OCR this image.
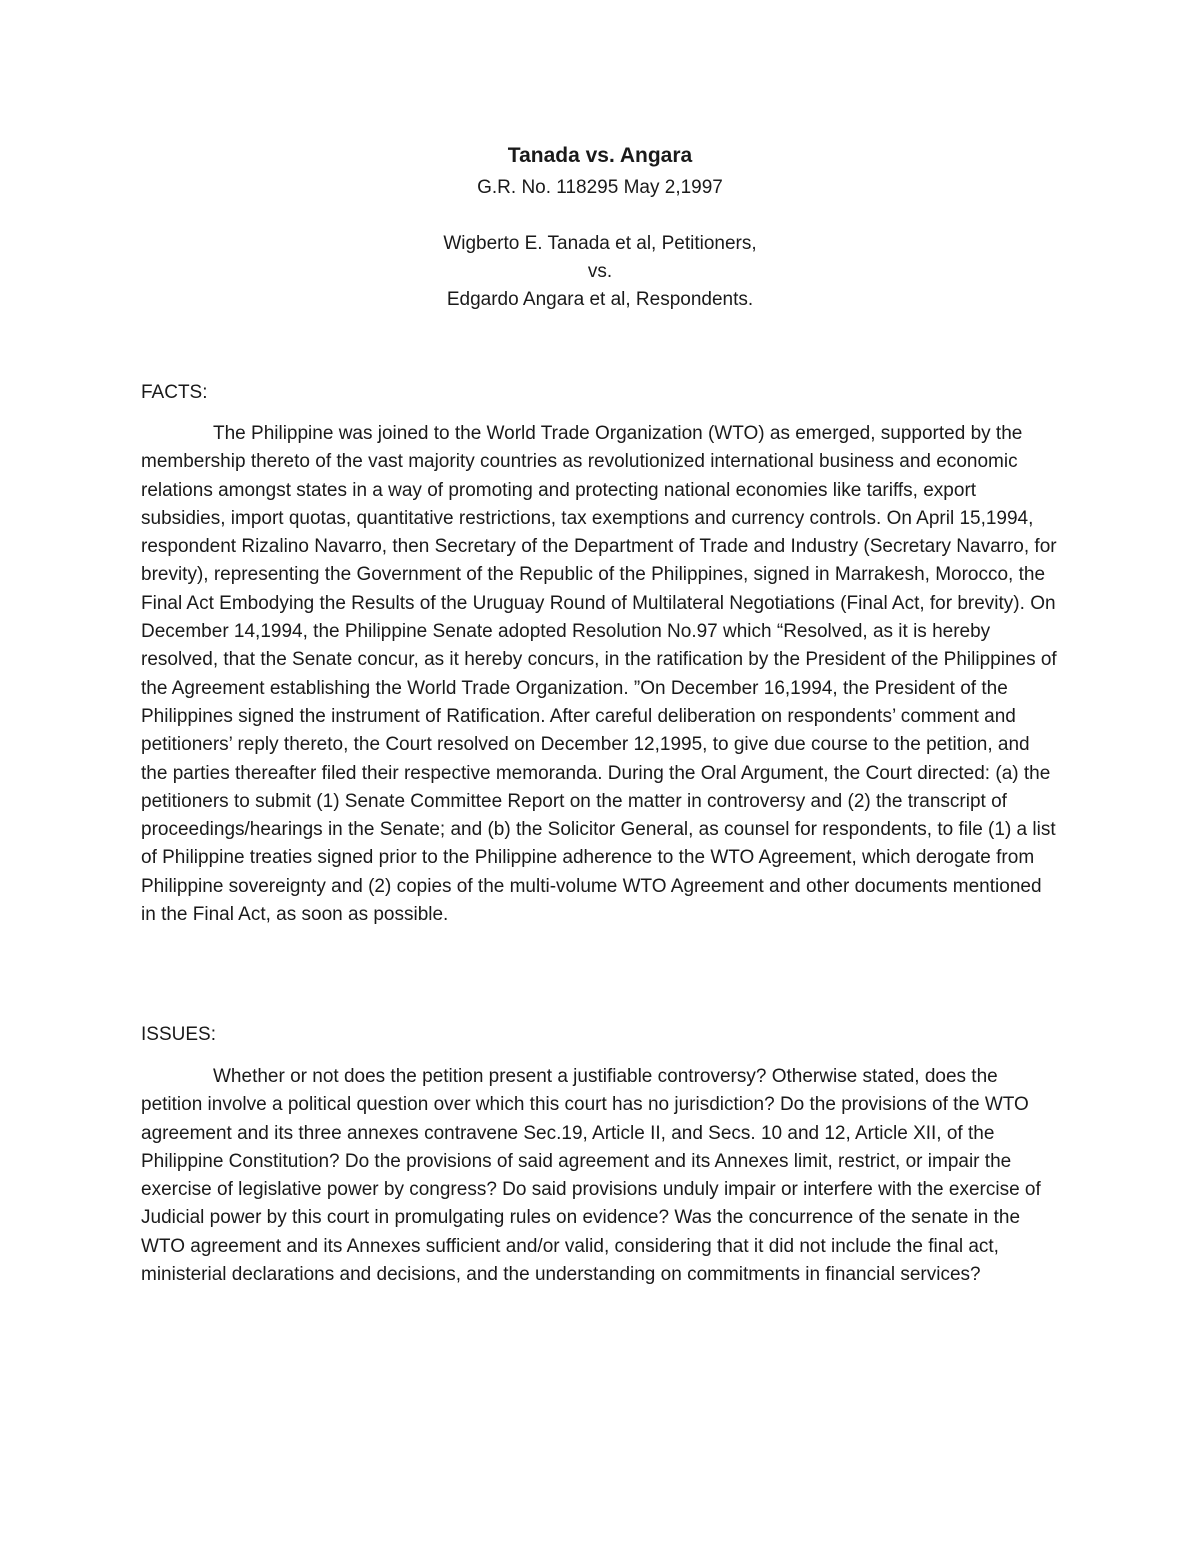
Tanada vs. Angara
G.R. No. 118295 May 2,1997
Wigberto E. Tanada et al, Petitioners,
vs.
Edgardo Angara et al, Respondents.
FACTS:

The Philippine was joined to the World Trade Organization (WTO) as emerged, supported by the membership thereto of the vast majority countries as revolutionized international business and economic relations amongst states in a way of promoting and protecting national economies like tariffs, export subsidies, import quotas, quantitative restrictions, tax exemptions and currency controls. On April 15,1994, respondent Rizalino Navarro, then Secretary of the Department of Trade and Industry (Secretary Navarro, for brevity), representing the Government of the Republic of the Philippines, signed in Marrakesh, Morocco, the Final Act Embodying the Results of the Uruguay Round of Multilateral Negotiations (Final Act, for brevity). On December 14,1994, the Philippine Senate adopted Resolution No.97 which “Resolved, as it is hereby resolved, that the Senate concur, as it hereby concurs, in the ratification by the President of the Philippines of the Agreement establishing the World Trade Organization. ”On December 16,1994, the President of the Philippines signed the instrument of Ratification. After careful deliberation on respondents’ comment and petitioners’ reply thereto, the Court resolved on December 12,1995, to give due course to the petition, and the parties thereafter filed their respective memoranda. During the Oral Argument, the Court directed: (a) the petitioners to submit (1) Senate Committee Report on the matter in controversy and (2) the transcript of proceedings/hearings in the Senate; and (b) the Solicitor General, as counsel for respondents, to file (1) a list of Philippine treaties signed prior to the Philippine adherence to the WTO Agreement, which derogate from Philippine sovereignty and (2) copies of the multi-volume WTO Agreement and other documents mentioned in the Final Act, as soon as possible.

ISSUES:

Whether or not does the petition present a justifiable controversy? Otherwise stated, does the petition involve a political question over which this court has no jurisdiction? Do the provisions of the WTO agreement and its three annexes contravene Sec.19, Article II, and Secs. 10 and 12, Article XII, of the Philippine Constitution? Do the provisions of said agreement and its Annexes limit, restrict, or impair the exercise of legislative power by congress? Do said provisions unduly impair or interfere with the exercise of Judicial power by this court in promulgating rules on evidence? Was the concurrence of the senate in the WTO agreement and its Annexes sufficient and/or valid, considering that it did not include the final act, ministerial declarations and decisions, and the understanding on commitments in financial services?
